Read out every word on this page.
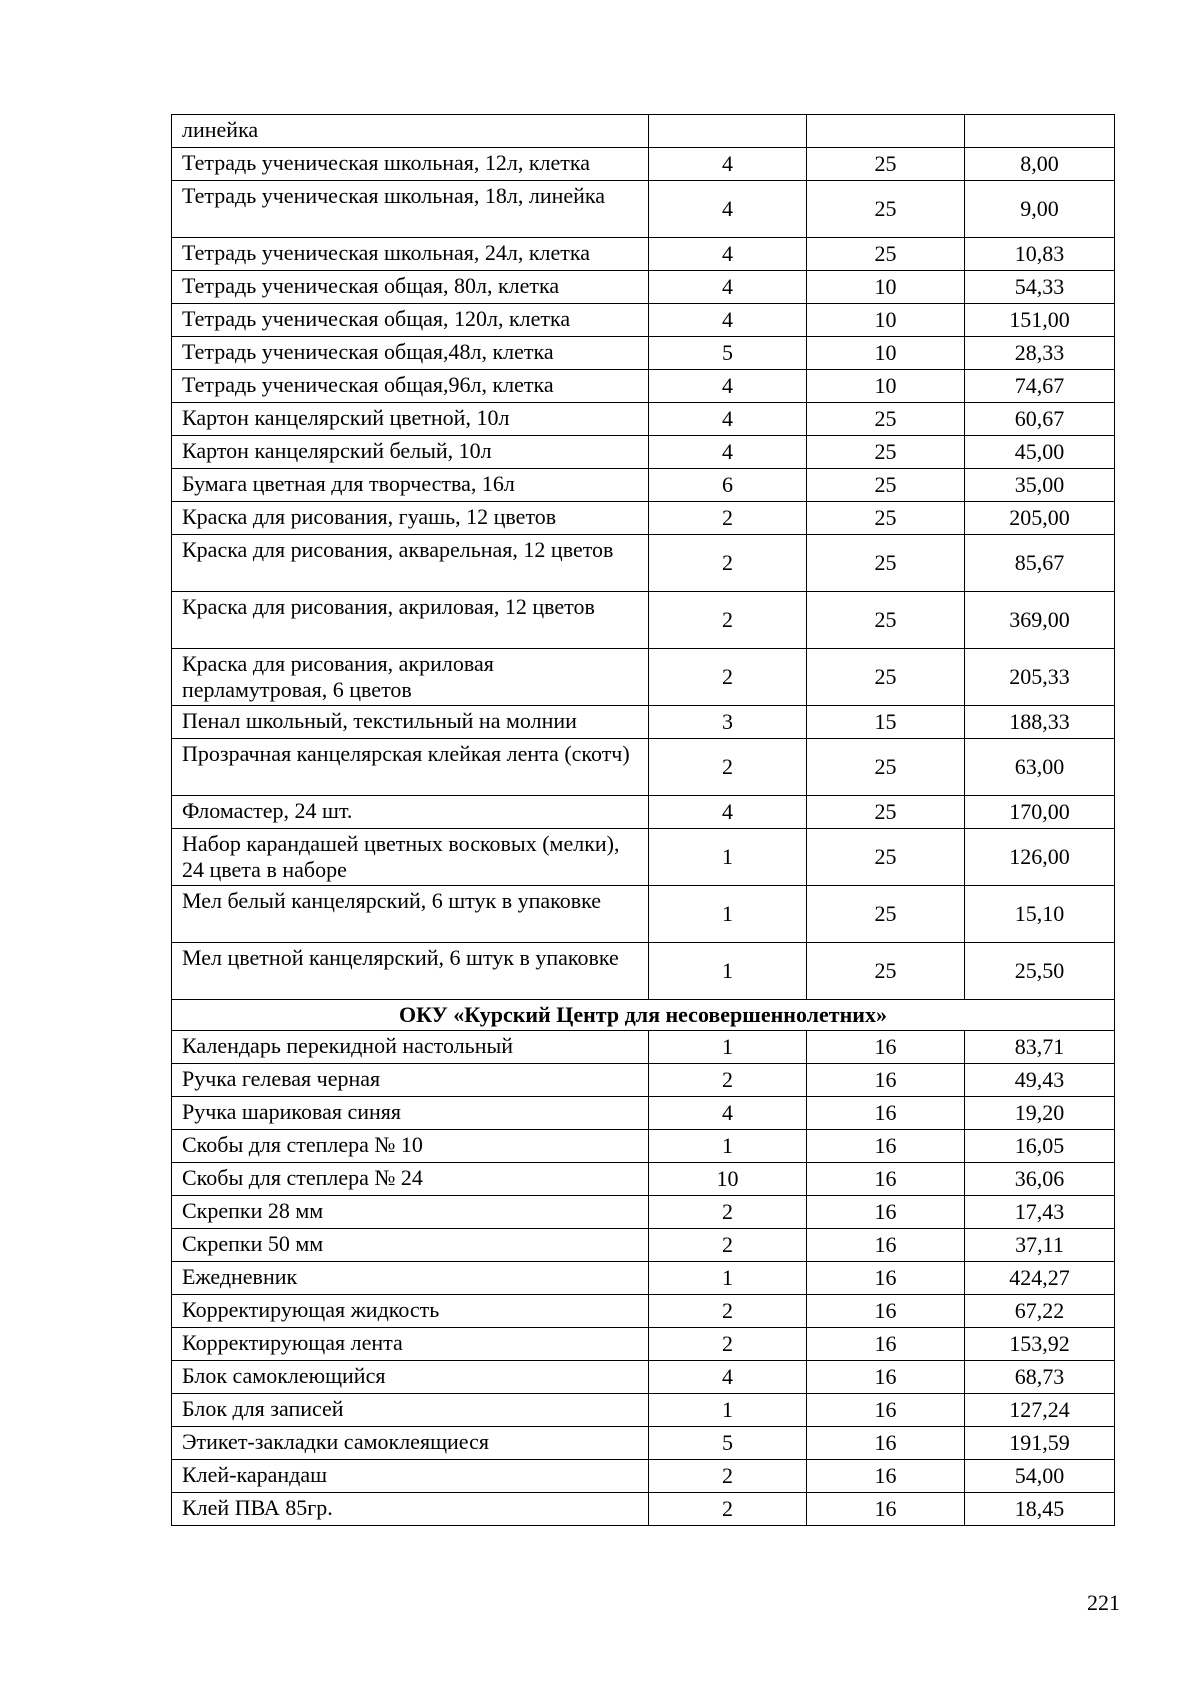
линейка			
Тетрадь ученическая школьная, 12л, клетка	4	25	8,00
Тетрадь ученическая школьная, 18л, линейка	4	25	9,00
Тетрадь ученическая школьная, 24л, клетка	4	25	10,83
Тетрадь ученическая общая, 80л, клетка	4	10	54,33
Тетрадь ученическая общая, 120л, клетка	4	10	151,00
Тетрадь ученическая общая,48л, клетка	5	10	28,33
Тетрадь ученическая общая,96л, клетка	4	10	74,67
Картон канцелярский цветной, 10л	4	25	60,67
Картон канцелярский белый, 10л	4	25	45,00
Бумага цветная для творчества, 16л	6	25	35,00
Краска для рисования, гуашь, 12 цветов	2	25	205,00
Краска для рисования, акварельная, 12 цветов	2	25	85,67
Краска для рисования, акриловая, 12 цветов	2	25	369,00
Краска для рисования, акриловая перламутровая, 6 цветов	2	25	205,33
Пенал школьный, текстильный на молнии	3	15	188,33
Прозрачная канцелярская клейкая лента (скотч)	2	25	63,00
Фломастер, 24 шт.	4	25	170,00
Набор карандашей цветных восковых (мелки), 24 цвета в наборе	1	25	126,00
Мел белый канцелярский, 6 штук в упаковке	1	25	15,10
Мел цветной канцелярский, 6 штук в упаковке	1	25	25,50
ОКУ «Курский Центр для несовершеннолетних»			
Календарь перекидной настольный	1	16	83,71
Ручка гелевая черная	2	16	49,43
Ручка шариковая синяя	4	16	19,20
Скобы для степлера № 10	1	16	16,05
Скобы для степлера № 24	10	16	36,06
Скрепки 28 мм	2	16	17,43
Скрепки 50 мм	2	16	37,11
Ежедневник	1	16	424,27
Корректирующая жидкость	2	16	67,22
Корректирующая лента	2	16	153,92
Блок самоклеющийся	4	16	68,73
Блок для записей	1	16	127,24
Этикет-закладки самоклеящиеся	5	16	191,59
Клей-карандаш	2	16	54,00
Клей ПВА 85гр.	2	16	18,45
221
